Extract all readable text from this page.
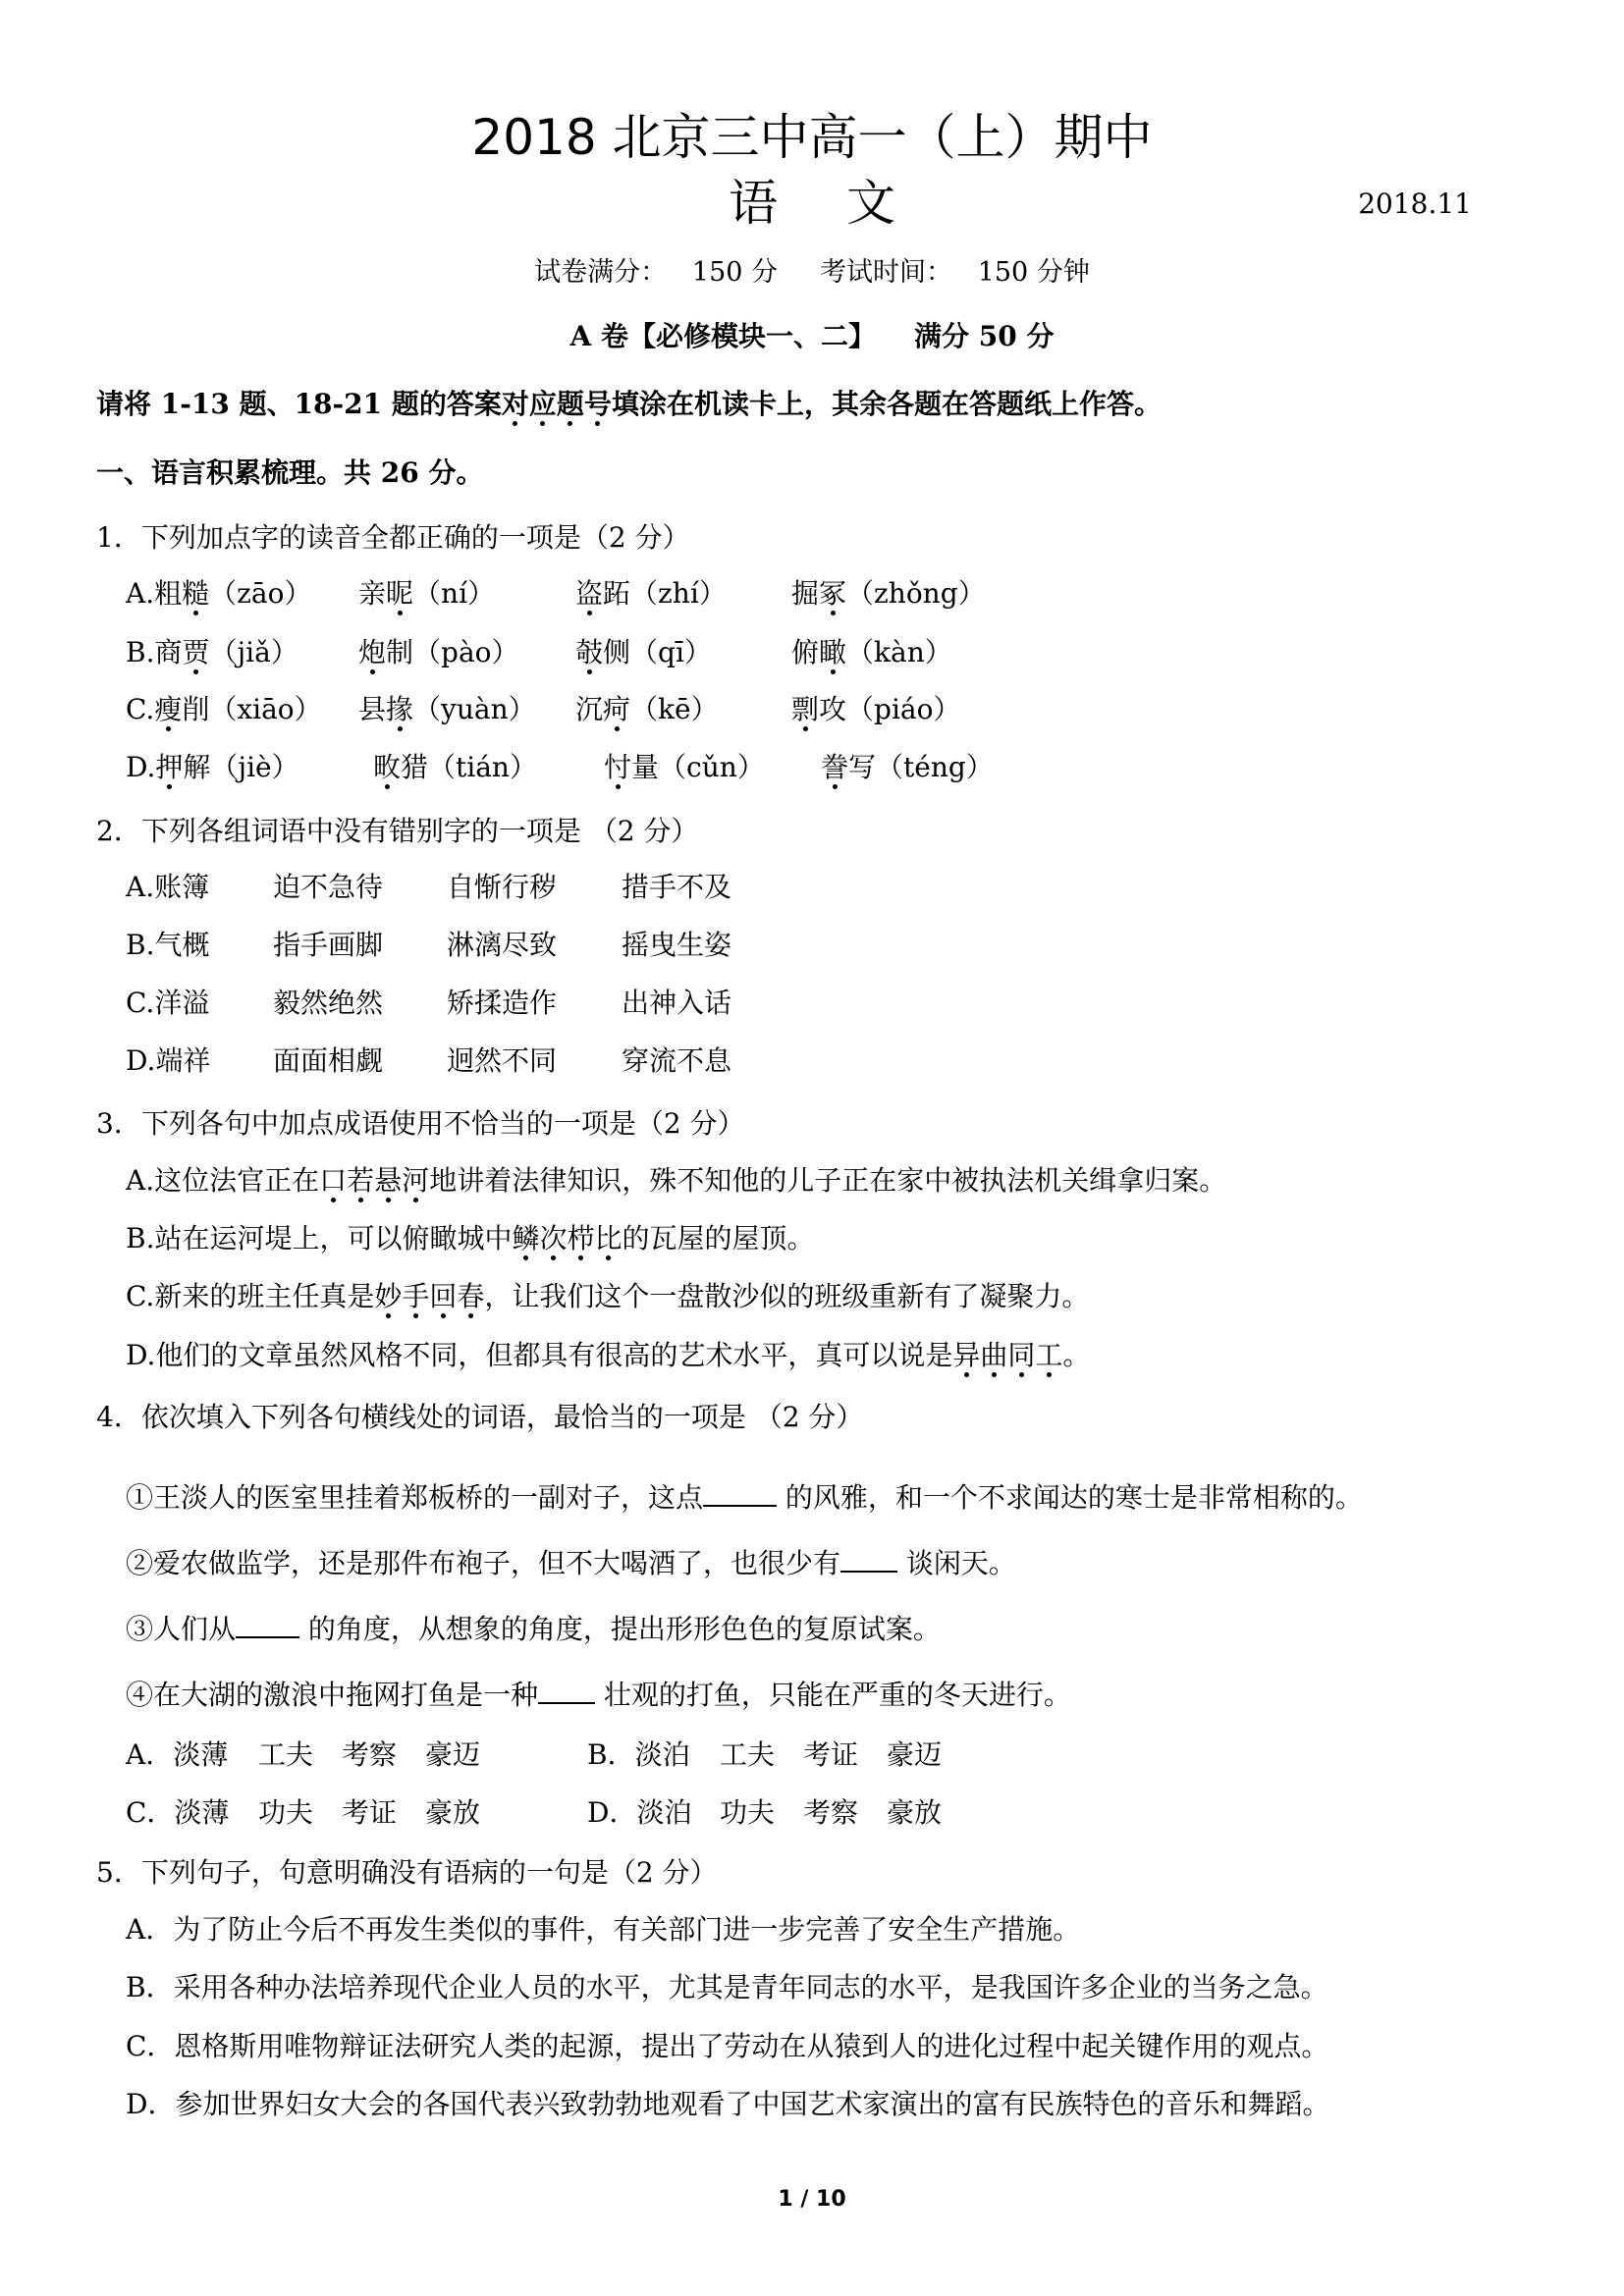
2018 北京三中高一（上）期中
语文	2018.11
试卷满分：   150 分     考试时间：   150 分钟
A 卷【必修模块一、二】    满分 50 分
请将 1-13 题、18-21 题的答案对应题号填涂在机读卡上，其余各题在答题纸上作答。
一、语言积累梳理。共 26 分。
1．下列加点字的读音全都正确的一项是（2 分）
A.粗糙（zāo） 亲昵（ní）	盗跖（zhí） 掘冢（zhǒng）
B.商贾（jiǎ） 炮制（pào） 攲侧（qī）	俯瞰（kàn）
C.瘦削（xiāo） 县掾（yuàn） 沉疴（kē）	剽攻（piáo）
D.押解（jiè）	畋猎（tián） 忖量（cǔn） 誊写（téng）
2．下列各组词语中没有错别字的一项是 （2 分）
A.账簿 迫不急待 自惭行秽 措手不及
B.气概 指手画脚 淋漓尽致 摇曳生姿
C.洋溢 毅然绝然 矫揉造作 出神入话
D.端祥 面面相觑 迥然不同 穿流不息
3．下列各句中加点成语使用不恰当的一项是（2 分）
A.这位法官正在口若悬河地讲着法律知识，殊不知他的儿子正在家中被执法机关缉拿归案。
B.站在运河堤上，可以俯瞰城中鳞次栉比的瓦屋的屋顶。
C.新来的班主任真是妙手回春，让我们这个一盘散沙似的班级重新有了凝聚力。
D.他们的文章虽然风格不同，但都具有很高的艺术水平，真可以说是异曲同工。
4．依次填入下列各句横线处的词语，最恰当的一项是 （2 分）
①王淡人的医室里挂着郑板桥的一副对子，这点	的风雅，和一个不求闻达的寒士是非常相称的。
②爱农做监学，还是那件布袍子，但不大喝酒了，也很少有 谈闲天。
③人们从 的角度，从想象的角度，提出形形色色的复原试案。
④在大湖的激浪中拖网打鱼是一种 壮观的打鱼，只能在严重的冬天进行。
A．淡薄 工夫 考察 豪迈	B．淡泊 工夫 考证 豪迈
C．淡薄 功夫 考证 豪放	D．淡泊 功夫 考察 豪放
5．下列句子，句意明确没有语病的一句是（2 分）
A．为了防止今后不再发生类似的事件，有关部门进一步完善了安全生产措施。
B．采用各种办法培养现代企业人员的水平，尤其是青年同志的水平，是我国许多企业的当务之急。
C．恩格斯用唯物辩证法研究人类的起源，提出了劳动在从猿到人的进化过程中起关键作用的观点。
D．参加世界妇女大会的各国代表兴致勃勃地观看了中国艺术家演出的富有民族特色的音乐和舞蹈。
1 / 10
